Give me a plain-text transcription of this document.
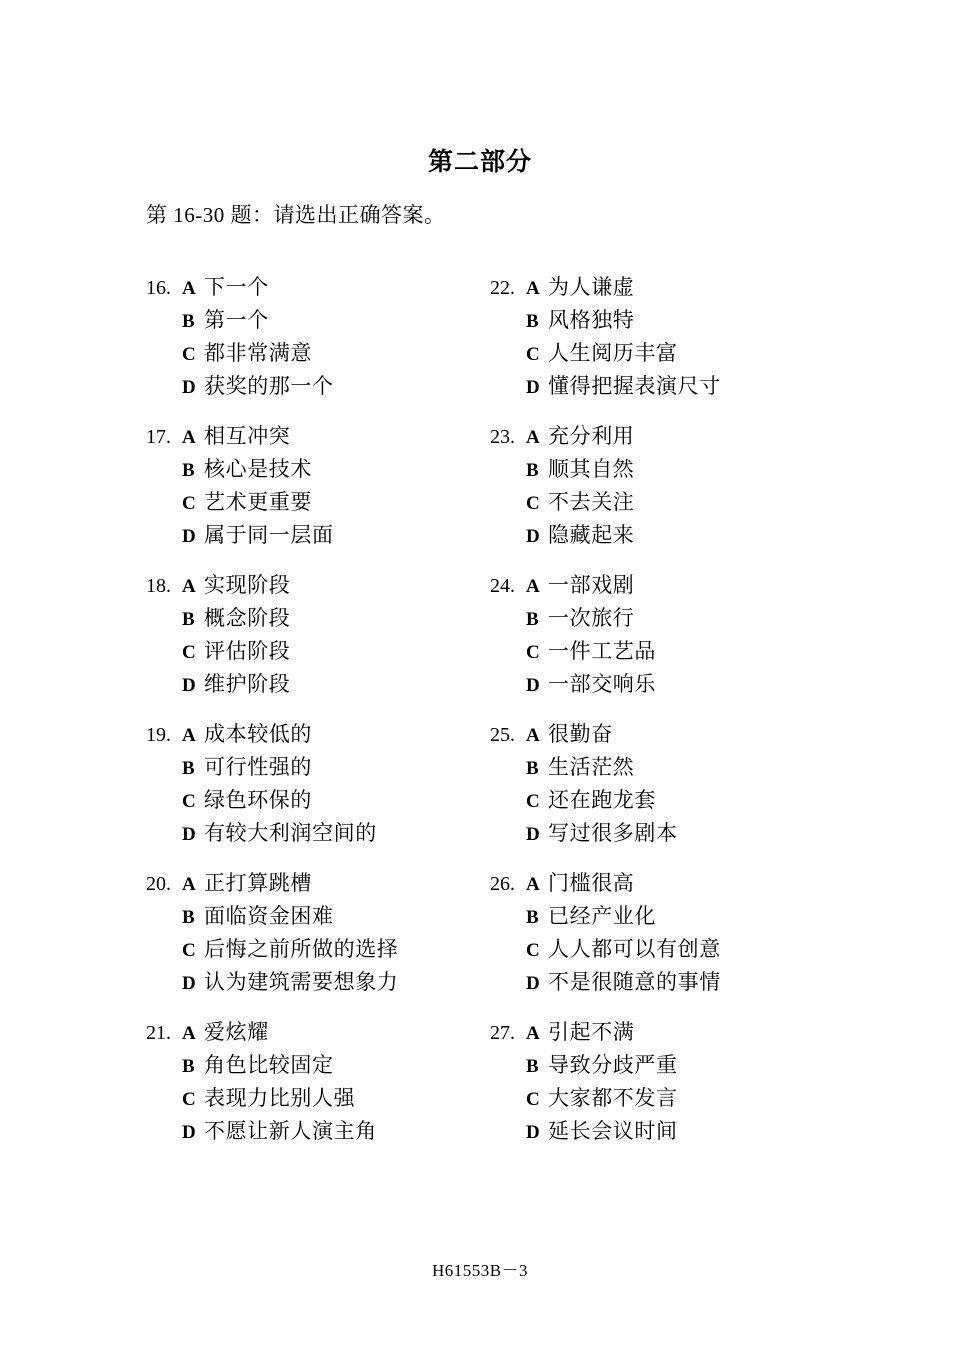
第二部分
第 16-30 题：请选出正确答案。
16. A 下一个
B 第一个
C 都非常满意
D 获奖的那一个
17. A 相互冲突
B 核心是技术
C 艺术更重要
D 属于同一层面
18. A 实现阶段
B 概念阶段
C 评估阶段
D 维护阶段
19. A 成本较低的
B 可行性强的
C 绿色环保的
D 有较大利润空间的
20. A 正打算跳槽
B 面临资金困难
C 后悔之前所做的选择
D 认为建筑需要想象力
21. A 爱炫耀
B 角色比较固定
C 表现力比别人强
D 不愿让新人演主角
22. A 为人谦虚
B 风格独特
C 人生阅历丰富
D 懂得把握表演尺寸
23. A 充分利用
B 顺其自然
C 不去关注
D 隐藏起来
24. A 一部戏剧
B 一次旅行
C 一件工艺品
D 一部交响乐
25. A 很勤奋
B 生活茫然
C 还在跑龙套
D 写过很多剧本
26. A 门槛很高
B 已经产业化
C 人人都可以有创意
D 不是很随意的事情
27. A 引起不满
B 导致分歧严重
C 大家都不发言
D 延长会议时间
H61553B－3
